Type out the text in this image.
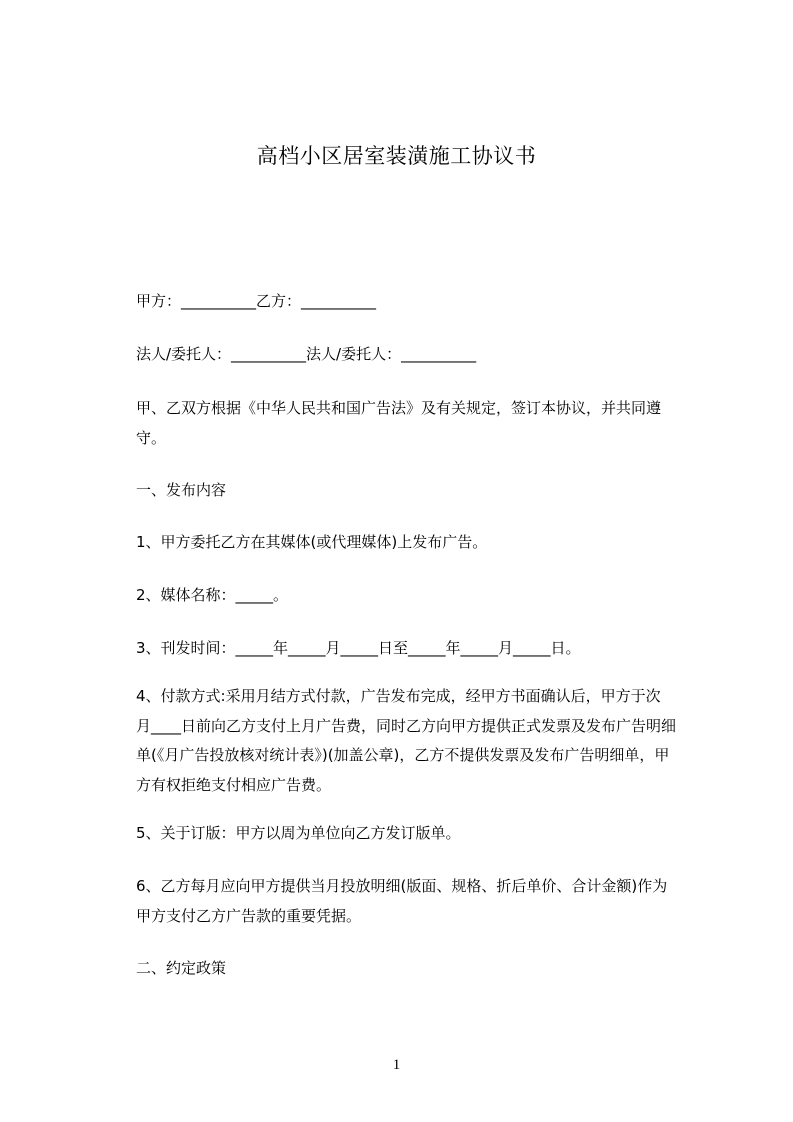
高档小区居室装潢施工协议书
甲方：__________乙方：__________
法人/委托人：__________法人/委托人：__________
甲、乙双方根据《中华人民共和国广告法》及有关规定，签订本协议，并共同遵
守。
一、发布内容
1、甲方委托乙方在其媒体(或代理媒体)上发布广告。
2、媒体名称：_____。
3、刊发时间：_____年_____月_____日至_____年_____月_____日。
4、付款方式:采用月结方式付款，广告发布完成，经甲方书面确认后，甲方于次
月____日前向乙方支付上月广告费，同时乙方向甲方提供正式发票及发布广告明细
单(《月广告投放核对统计表》)(加盖公章)，乙方不提供发票及发布广告明细单，甲
方有权拒绝支付相应广告费。
5、关于订版：甲方以周为单位向乙方发订版单。
6、乙方每月应向甲方提供当月投放明细(版面、规格、折后单价、合计金额)作为
甲方支付乙方广告款的重要凭据。
二、约定政策
1
